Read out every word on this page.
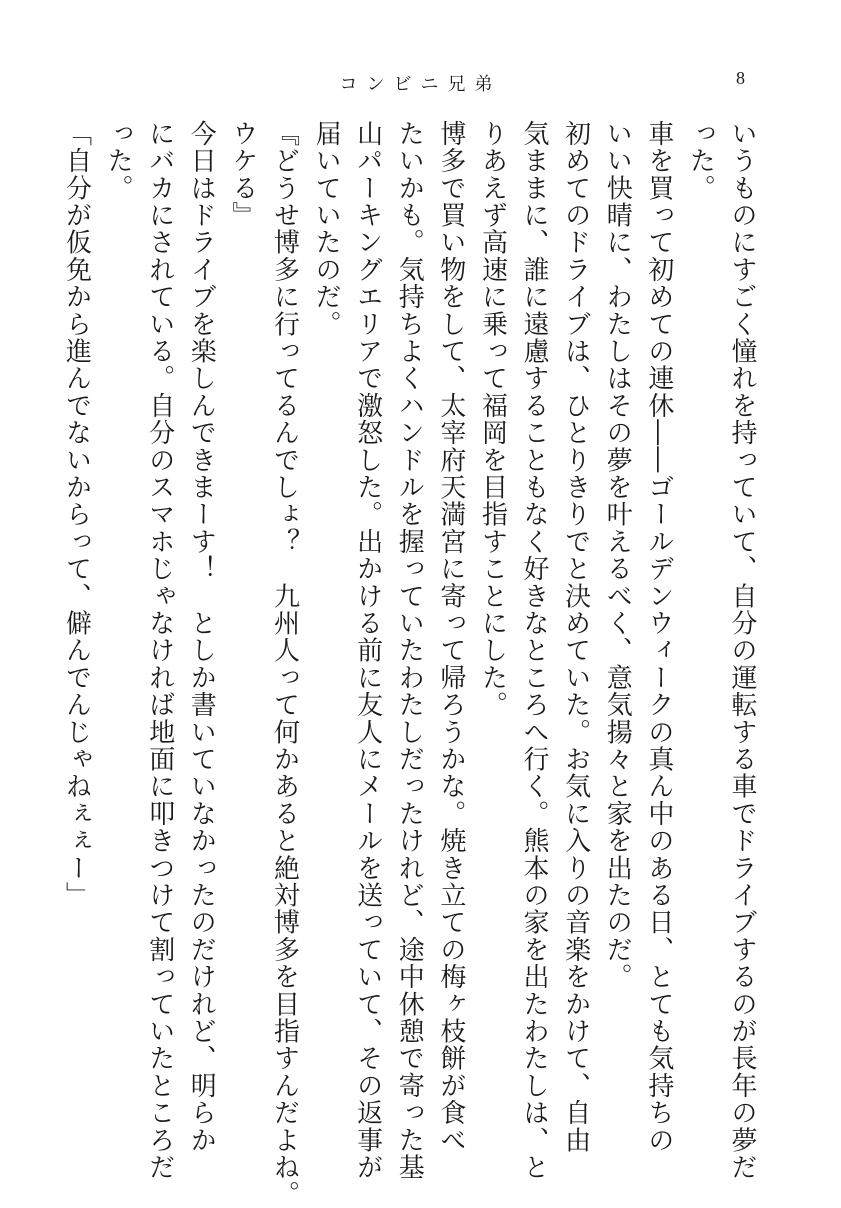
コンビニ兄弟	8
いうものにすごく憧れを持っていて、自分の運転する車でドライブするのが長年の夢だ
った。
車を買って初めての連休――ゴールデンウィークの真ん中のある日、とても気持ちの
いい快晴に、わたしはその夢を叶えるべく、意気揚々と家を出たのだ。
初めてのドライブは、ひとりきりでと決めていた。お気に入りの音楽をかけて、自由
気ままに、誰に遠慮することもなく好きなところへ行く。熊本の家を出たわたしは、と
りあえず高速に乗って福岡を目指すことにした。
博多で買い物をして、太宰府天満宮に寄って帰ろうかな。焼き立ての梅ヶ枝餅が食べ
たいかも。気持ちよくハンドルを握っていたわたしだったけれど、途中休憩で寄った基
山パーキングエリアで激怒した。出かける前に友人にメールを送っていて、その返事が
届いていたのだ。
『どうせ博多に行ってるんでしょ？　九州人って何かあると絶対博多を目指すんだよね。
ウケる』
今日はドライブを楽しんできまーす！　としか書いていなかったのだけれど、明らか
にバカにされている。自分のスマホじゃなければ地面に叩きつけて割っていたところだ
った。
「自分が仮免から進んでないからって、僻んでんじゃねぇぇー」
